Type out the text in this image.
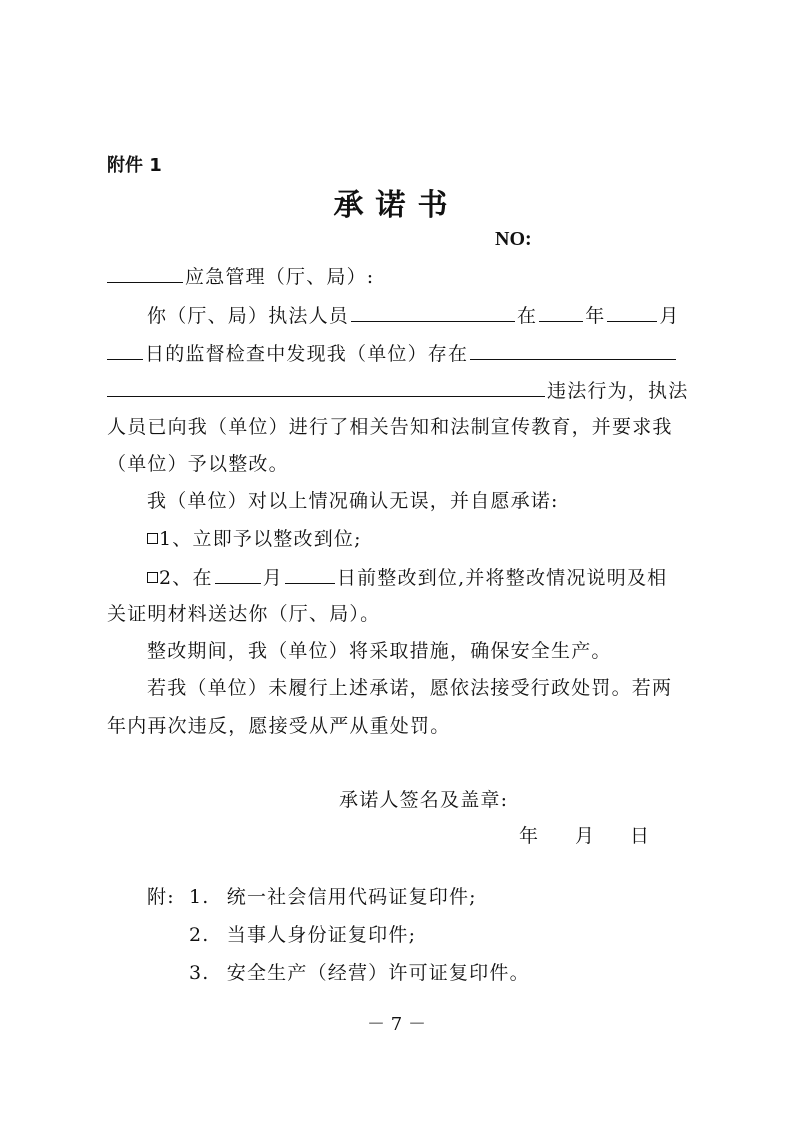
附件 1
承诺书
NO:
应急管理（厅、局）:
你（厅、局）执法人员	在	年	月
日的监督检查中发现我（单位）存在
违法行为，执法
人员已向我（单位）进行了相关告知和法制宣传教育，并要求我
（单位）予以整改。
我（单位）对以上情况确认无误，并自愿承诺:
1、立即予以整改到位;
2、在	月	日前整改到位,并将整改情况说明及相
关证明材料送达你（厅、局）。
整改期间，我（单位）将采取措施，确保安全生产。
若我（单位）未履行上述承诺，愿依法接受行政处罚。若两
年内再次违反，愿接受从严从重处罚。
承诺人签名及盖章:
年 月 日
附: 1. 统一社会信用代码证复印件;
2. 当事人身份证复印件;
3. 安全生产（经营）许可证复印件。
－ 7 －
